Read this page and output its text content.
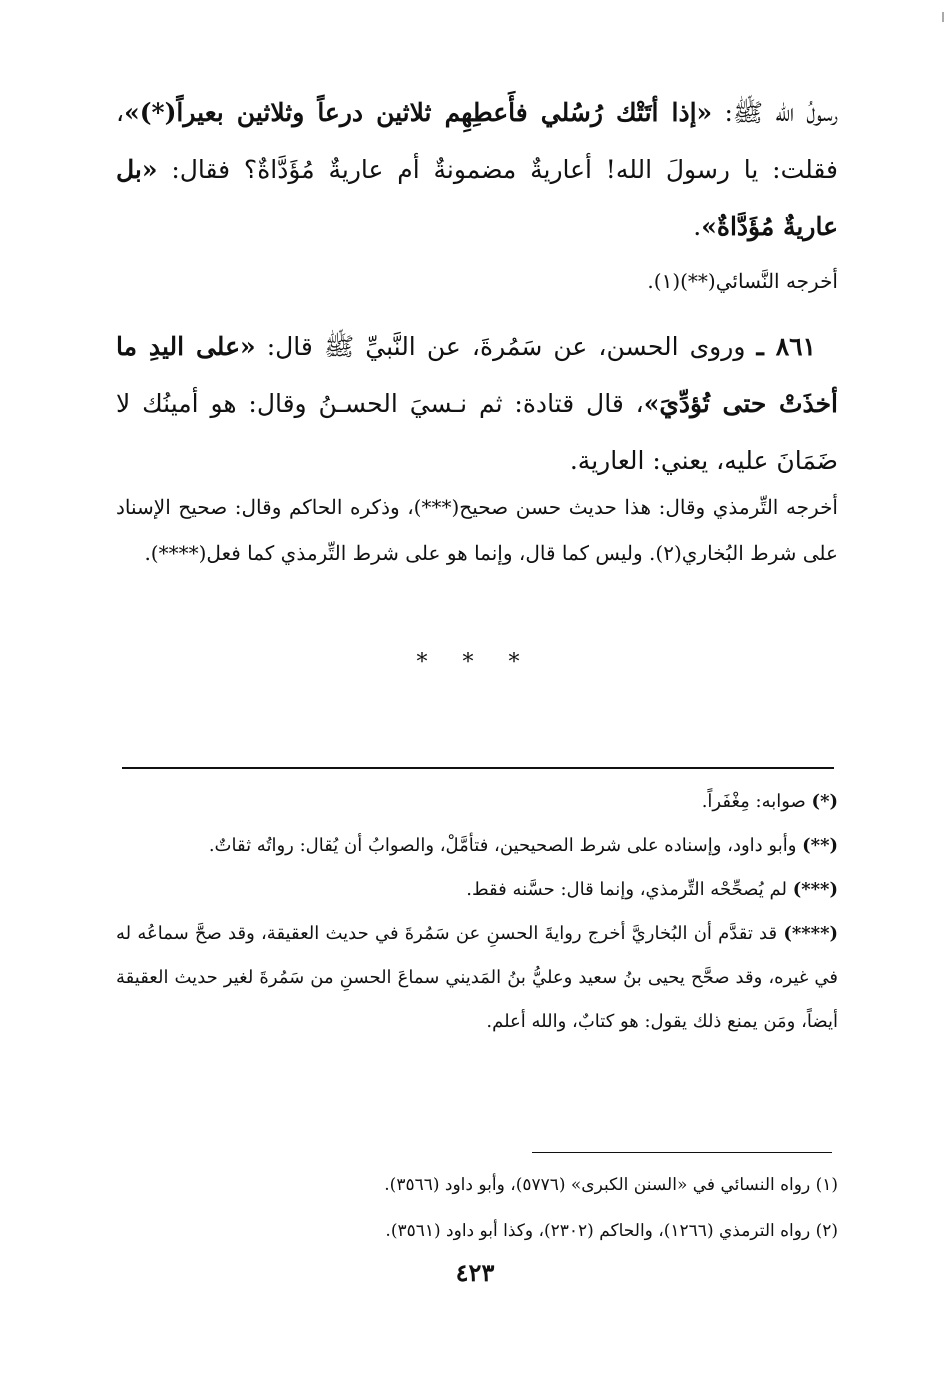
رسولُ الله ﷺ: «إذا أتَتْك رُسُلي فأَعطِهِم ثلاثين درعاً وثلاثين بعيراً(*)»، فقلت: يا رسولَ الله! أعاريةٌ مضمونةٌ أم عاريةٌ مُؤَدَّاةٌ؟ فقال: «بل عاريةٌ مُؤَدَّاةٌ».

أخرجه النَّسائي(**)(١).

٨٦١ ـ وروى الحسن، عن سَمُرةَ، عن النَّبيِّ ﷺ قال: «على اليدِ ما أخذَتْ حتى تُؤدِّيَ»، قال قتادة: ثم نـسيَ الحسـنُ وقال: هو أمينُك لا ضَمَانَ عليه، يعني: العارية.

أخرجه التِّرمذي وقال: هذا حديث حسن صحيح(***)، وذكره الحاكم وقال: صحيح الإسناد على شرط البُخاري(٢). وليس كما قال، وإنما هو على شرط التِّرمذي كما فعل(****).

* * *
(*) صوابه: مِغْفَراً.
(**) وأبو داود، وإسناده على شرط الصحيحين، فتأمَّلْ، والصوابُ أن يُقال: رواتُه ثقاتٌ.
(***) لم يُصحِّحْه التِّرمذي، وإنما قال: حسَّنه فقط.
(****) قد تقدَّم أن البُخاريَّ أخرج روايةَ الحسنِ عن سَمُرةَ في حديث العقيقة، وقد صحَّ سماعُه له في غيره، وقد صحَّح يحيى بنُ سعيد وعليُّ بنُ المَديني سماعَ الحسنِ من سَمُرةَ لغير حديث العقيقة أيضاً، ومَن يمنع ذلك يقول: هو كتابٌ، والله أعلم.
(١) رواه النسائي في «السنن الكبرى» (٥٧٧٦)، وأبو داود (٣٥٦٦).
(٢) رواه الترمذي (١٢٦٦)، والحاكم (٢٣٠٢)، وكذا أبو داود (٣٥٦١).
٤٢٣
